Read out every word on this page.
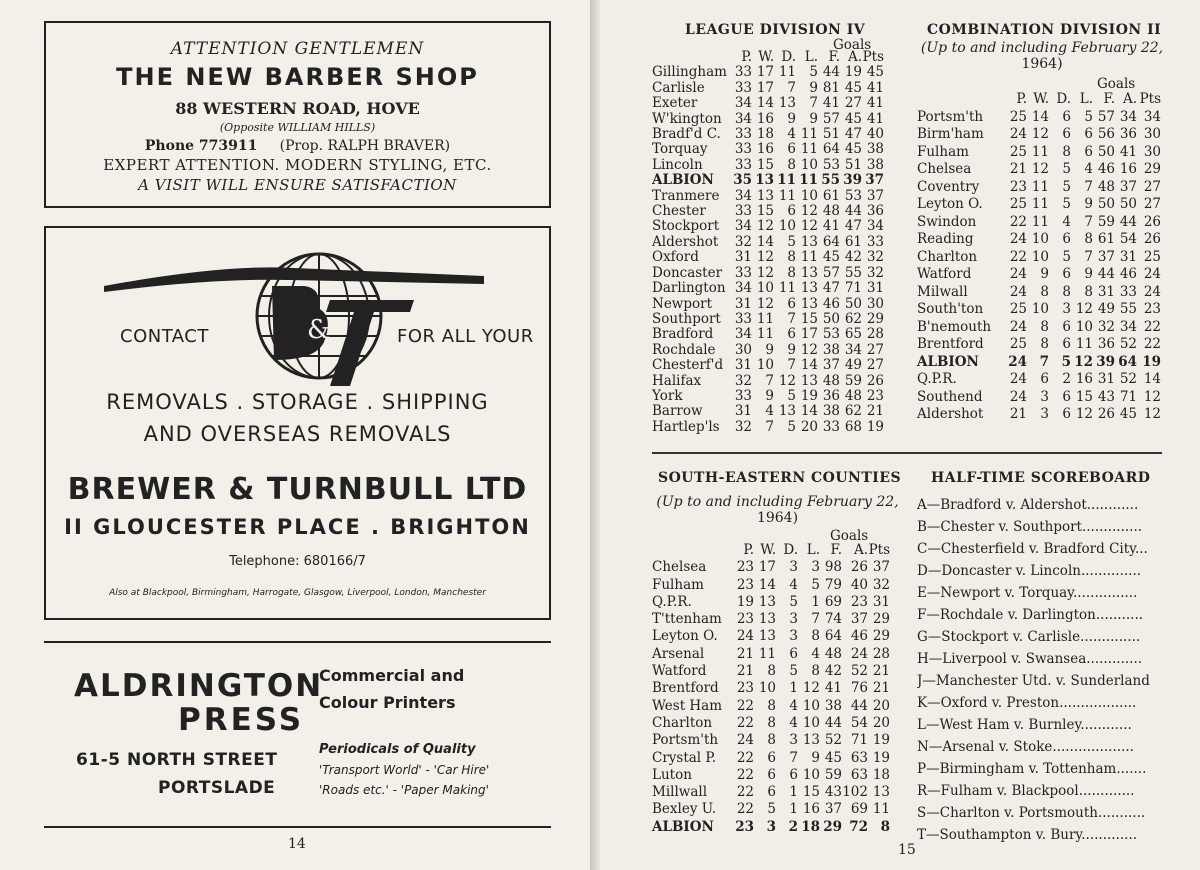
ATTENTION GENTLEMEN
THE NEW BARBER SHOP
88 WESTERN ROAD, HOVE
(Opposite WILLIAM HILLS)
Phone 773911 (Prop. RALPH BRAVER)
EXPERT ATTENTION. MODERN STYLING, ETC.
A VISIT WILL ENSURE SATISFACTION
&
CONTACT	FOR ALL YOUR
REMOVALS . STORAGE . SHIPPING
AND OVERSEAS REMOVALS
BREWER & TURNBULL LTD
II GLOUCESTER PLACE . BRIGHTON
Telephone: 680166/7
Also at Blackpool, Birmingham, Harrogate, Glasgow, Liverpool, London, Manchester
ALDRINGTON
PRESS
61-5 NORTH STREET
PORTSLADE
Commercial and
Colour Printers
Periodicals of Quality
'Transport World' - 'Car Hire'
'Roads etc.' - 'Paper Making'
14
LEAGUE DIVISION IV
Goals
	P.	W.	D.	L.	F.	A.	Pts
Gillingham	33	17	11	5	44	19	45
Carlisle	33	17	7	9	81	45	41
Exeter	34	14	13	7	41	27	41
W'kington	34	16	9	9	57	45	41
Bradf'd C.	33	18	4	11	51	47	40
Torquay	33	16	6	11	64	45	38
Lincoln	33	15	8	10	53	51	38
ALBION	35	13	11	11	55	39	37
Tranmere	34	13	11	10	61	53	37
Chester	33	15	6	12	48	44	36
Stockport	34	12	10	12	41	47	34
Aldershot	32	14	5	13	64	61	33
Oxford	31	12	8	11	45	42	32
Doncaster	33	12	8	13	57	55	32
Darlington	34	10	11	13	47	71	31
Newport	31	12	6	13	46	50	30
Southport	33	11	7	15	50	62	29
Bradford	34	11	6	17	53	65	28
Rochdale	30	9	9	12	38	34	27
Chesterf'd	31	10	7	14	37	49	27
Halifax	32	7	12	13	48	59	26
York	33	9	5	19	36	48	23
Barrow	31	4	13	14	38	62	21
Hartlep'ls	32	7	5	20	33	68	19
COMBINATION DIVISION II
(Up to and including February 22,
1964)
Goals
	P.	W.	D.	L.	F.	A.	Pts
Portsm'th	25	14	6	5	57	34	34
Birm'ham	24	12	6	6	56	36	30
Fulham	25	11	8	6	50	41	30
Chelsea	21	12	5	4	46	16	29
Coventry	23	11	5	7	48	37	27
Leyton O.	25	11	5	9	50	50	27
Swindon	22	11	4	7	59	44	26
Reading	24	10	6	8	61	54	26
Charlton	22	10	5	7	37	31	25
Watford	24	9	6	9	44	46	24
Milwall	24	8	8	8	31	33	24
South'ton	25	10	3	12	49	55	23
B'nemouth	24	8	6	10	32	34	22
Brentford	25	8	6	11	36	52	22
ALBION	24	7	5	12	39	64	19
Q.P.R.	24	6	2	16	31	52	14
Southend	24	3	6	15	43	71	12
Aldershot	21	3	6	12	26	45	12
SOUTH-EASTERN COUNTIES
(Up to and including February 22,
1964)
Goals
	P.	W.	D.	L.	F.	A.	Pts
Chelsea	23	17	3	3	98	26	37
Fulham	23	14	4	5	79	40	32
Q.P.R.	19	13	5	1	69	23	31
T'ttenham	23	13	3	7	74	37	29
Leyton O.	24	13	3	8	64	46	29
Arsenal	21	11	6	4	48	24	28
Watford	21	8	5	8	42	52	21
Brentford	23	10	1	12	41	76	21
West Ham	22	8	4	10	38	44	20
Charlton	22	8	4	10	44	54	20
Portsm'th	24	8	3	13	52	71	19
Crystal P.	22	6	7	9	45	63	19
Luton	22	6	6	10	59	63	18
Millwall	22	6	1	15	43	102	13
Bexley U.	22	5	1	16	37	69	11
ALBION	23	3	2	18	29	72	8
HALF-TIME SCOREBOARD
15
A—Bradford v. Aldershot............
B—Chester v. Southport..............
C—Chesterfield v. Bradford City...
D—Doncaster v. Lincoln..............
E—Newport v. Torquay...............
F—Rochdale v. Darlington...........
G—Stockport v. Carlisle..............
H—Liverpool v. Swansea.............
J—Manchester Utd. v. Sunderland
K—Oxford v. Preston..................
L—West Ham v. Burnley............
N—Arsenal v. Stoke...................
P—Birmingham v. Tottenham.......
R—Fulham v. Blackpool.............
S—Charlton v. Portsmouth...........
T—Southampton v. Bury.............
